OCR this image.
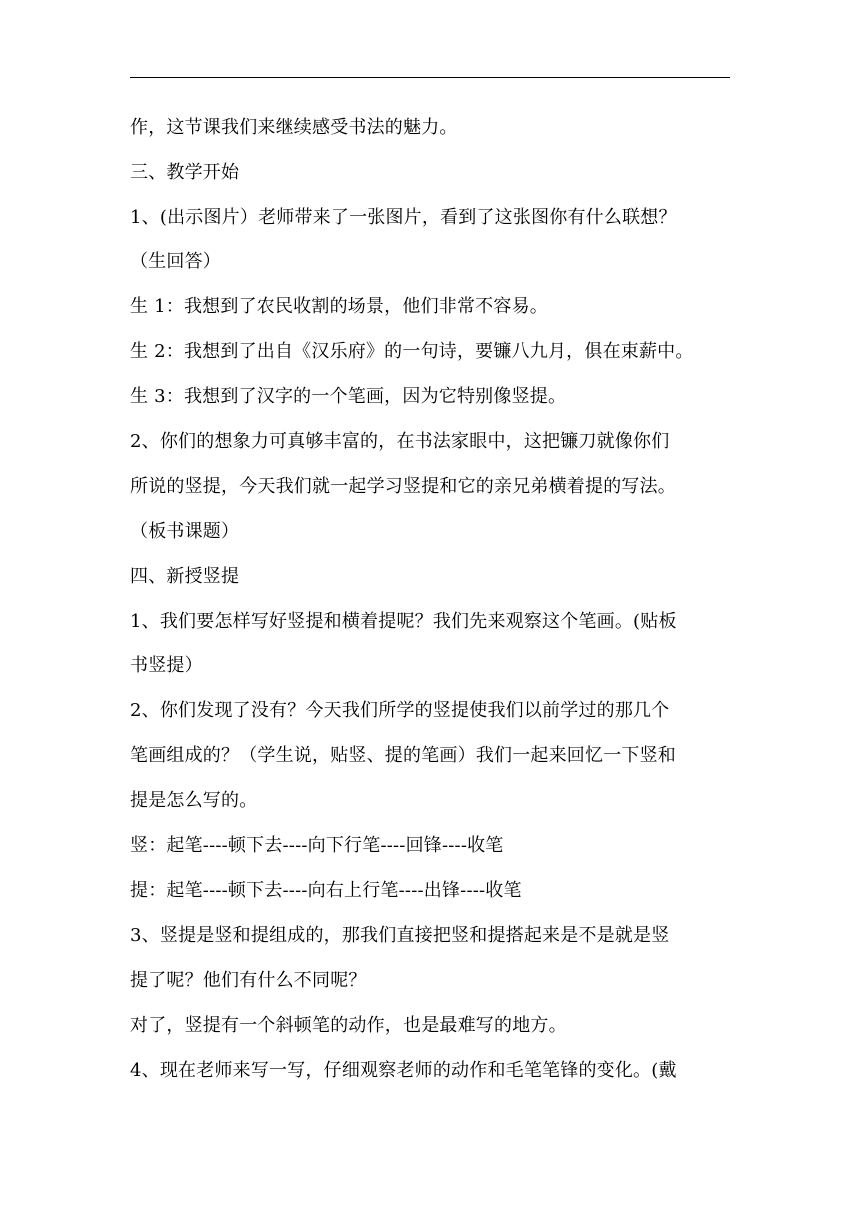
作，这节课我们来继续感受书法的魅力。
三、教学开始
1、(出示图片）老师带来了一张图片，看到了这张图你有什么联想？
（生回答）
生 1：我想到了农民收割的场景，他们非常不容易。
生 2：我想到了出自《汉乐府》的一句诗，要镰八九月，俱在束薪中。
生 3：我想到了汉字的一个笔画，因为它特别像竖提。
2、你们的想象力可真够丰富的，在书法家眼中，这把镰刀就像你们
所说的竖提，今天我们就一起学习竖提和它的亲兄弟横着提的写法。
（板书课题）
四、新授竖提
1、我们要怎样写好竖提和横着提呢？我们先来观察这个笔画。(贴板
书竖提）
2、你们发现了没有？今天我们所学的竖提使我们以前学过的那几个
笔画组成的？（学生说，贴竖、提的笔画）我们一起来回忆一下竖和
提是怎么写的。
竖：起笔----顿下去----向下行笔----回锋----收笔
提：起笔----顿下去----向右上行笔----出锋----收笔
3、竖提是竖和提组成的，那我们直接把竖和提搭起来是不是就是竖
提了呢？他们有什么不同呢？
对了，竖提有一个斜顿笔的动作，也是最难写的地方。
4、现在老师来写一写，仔细观察老师的动作和毛笔笔锋的变化。(戴
